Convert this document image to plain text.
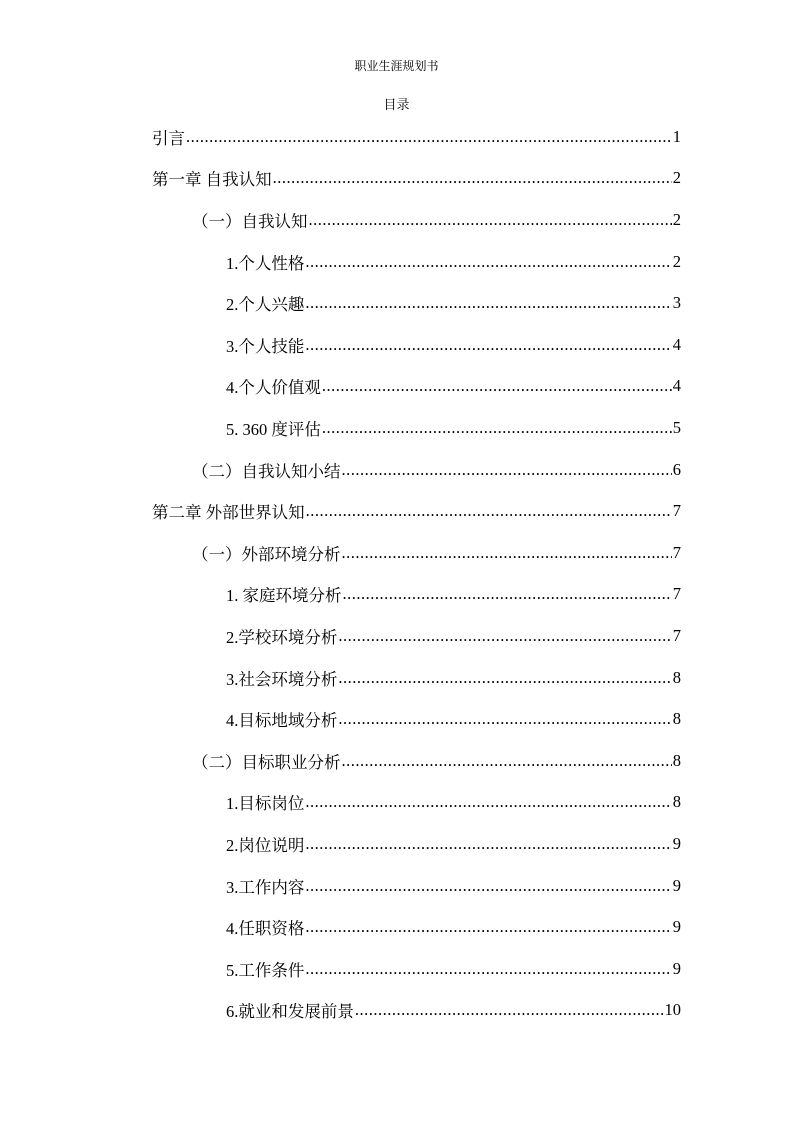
职业生涯规划书
目录
引言 .....	1
第一章 自我认知 .....	2
（一）自我认知 .....	2
1.个人性格 .....	2
2.个人兴趣 .....	3
3.个人技能 .....	4
4.个人价值观 .....	4
5. 360 度评估 .....	5
（二）自我认知小结 .....	6
第二章 外部世界认知 .....	7
（一）外部环境分析 .....	7
1. 家庭环境分析 .....	7
2.学校环境分析 .....	7
3.社会环境分析 .....	8
4.目标地域分析 .....	8
（二）目标职业分析 .....	8
1.目标岗位 .....	8
2.岗位说明 .....	9
3.工作内容 .....	9
4.任职资格 .....	9
5.工作条件 .....	9
6.就业和发展前景 .....	10
